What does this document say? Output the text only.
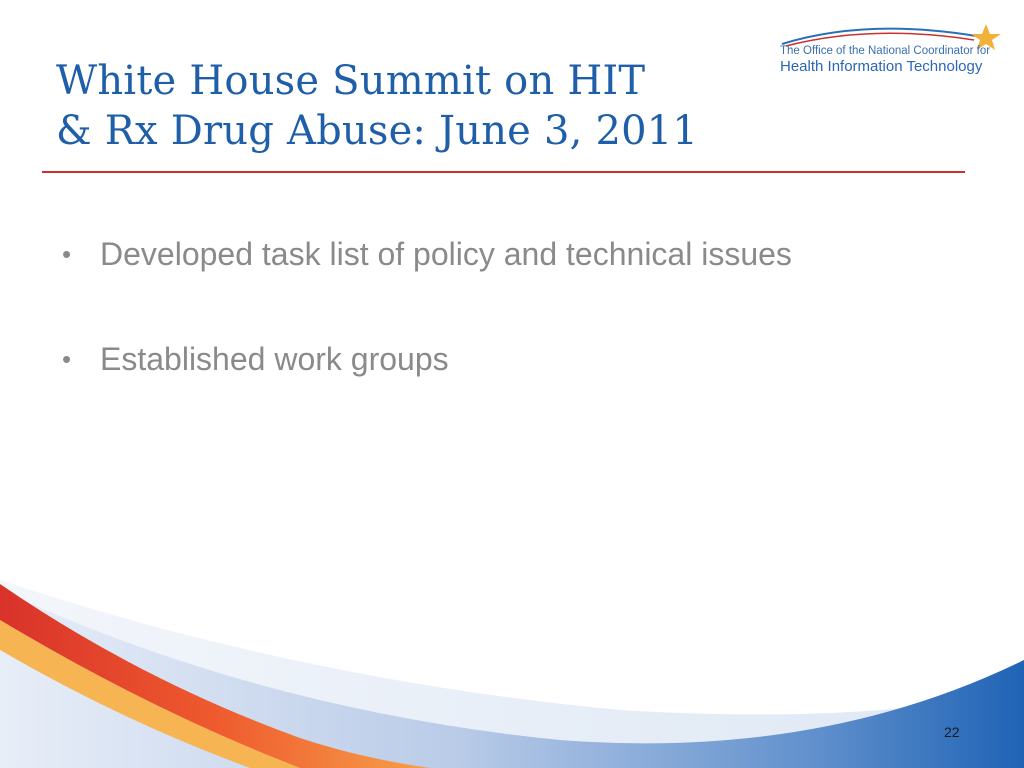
The Office of the National Coordinator for
Health Information Technology
White House Summit on HIT
& Rx Drug Abuse: June 3, 2011
• Developed task list of policy and technical issues
• Established work groups
22
